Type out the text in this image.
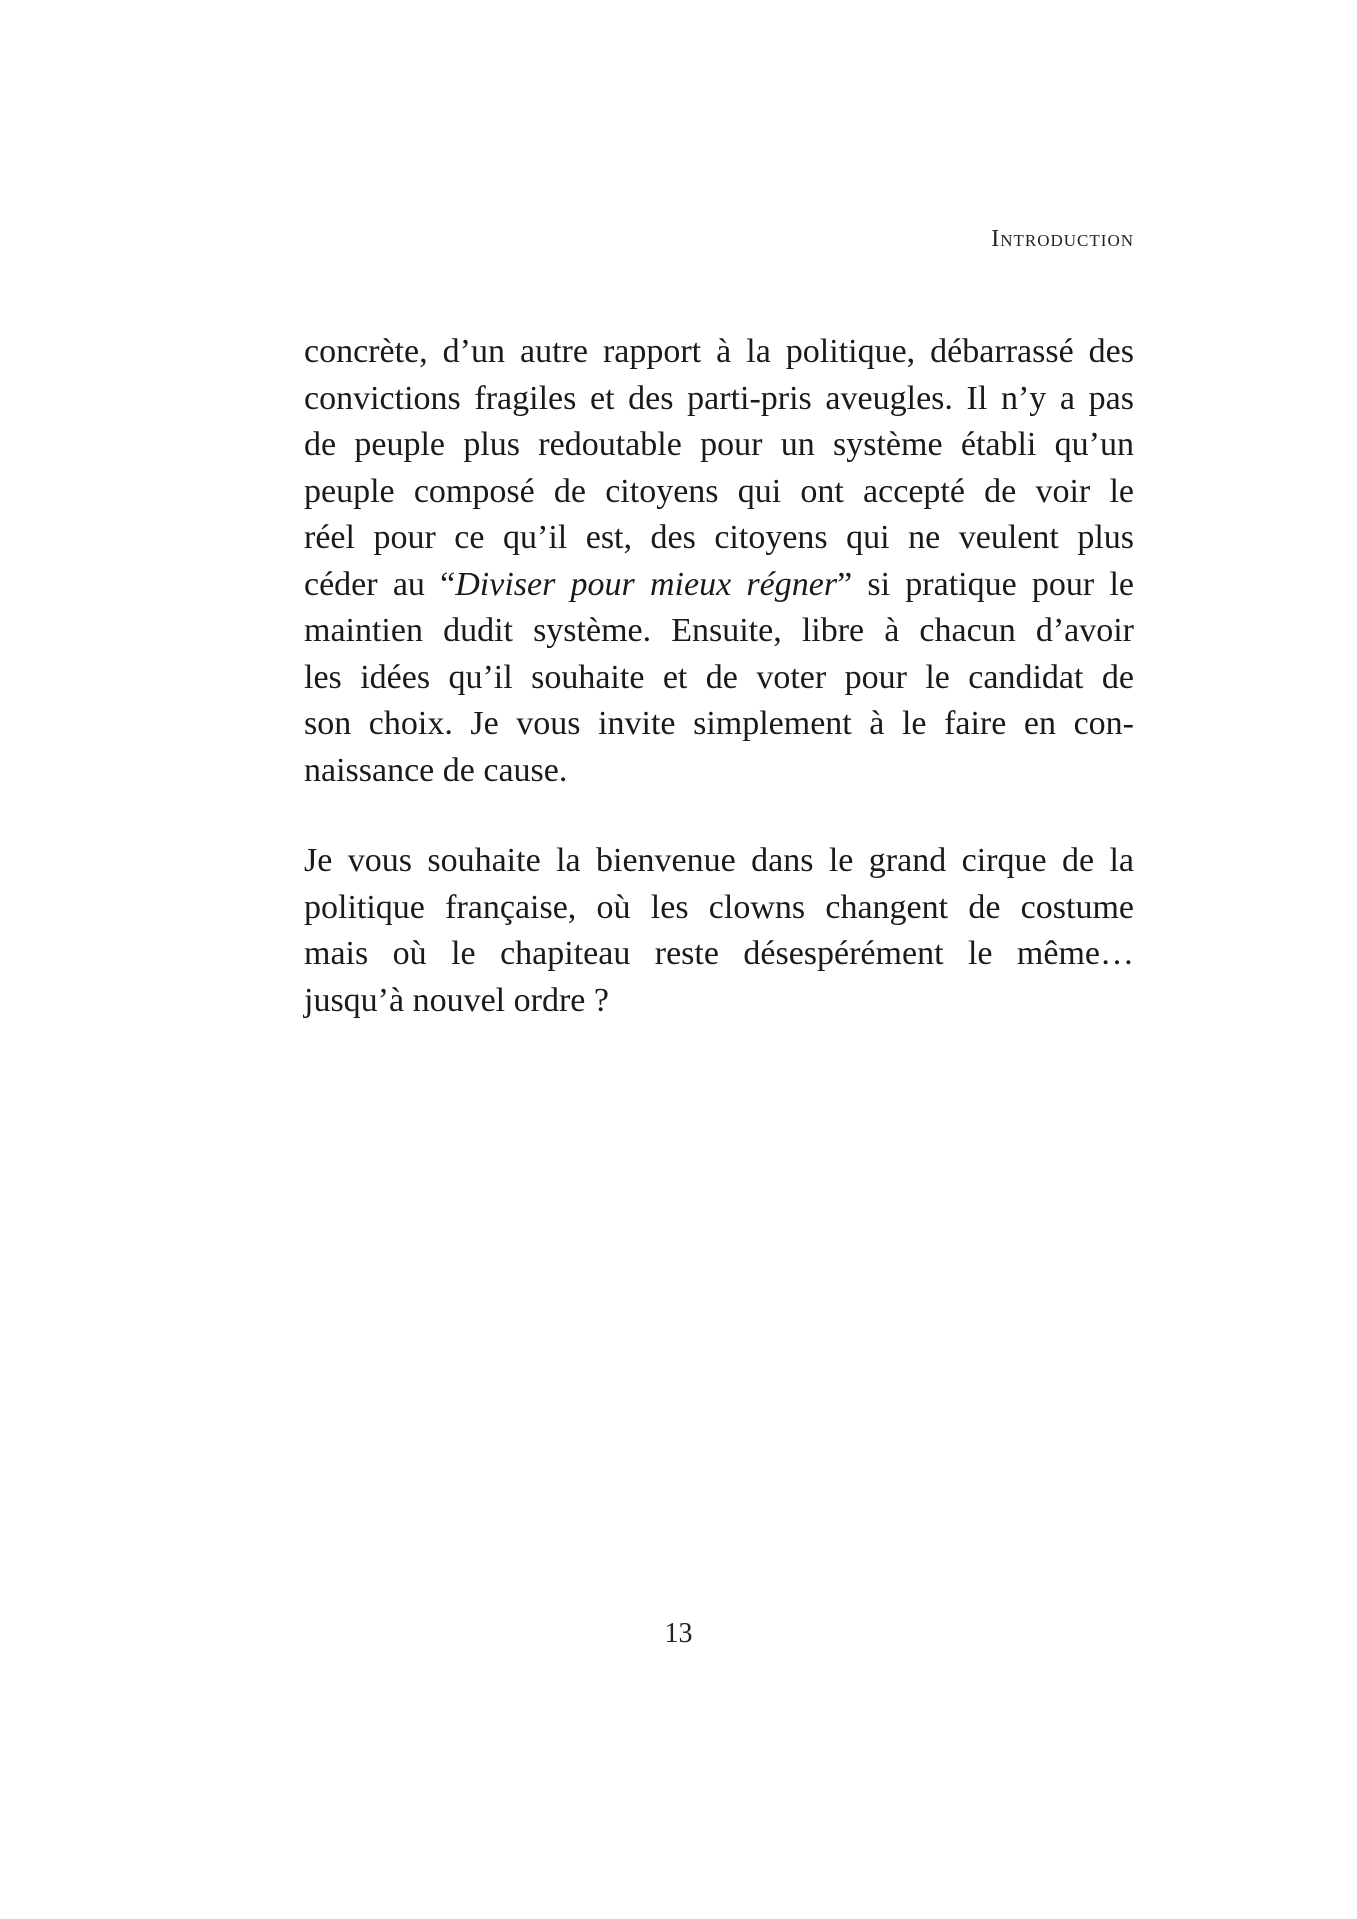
Introduction
concrète, d’un autre rapport à la politique, débarrassé des
convictions fragiles et des parti-pris aveugles. Il n’y a pas
de peuple plus redoutable pour un système établi qu’un
peuple composé de citoyens qui ont accepté de voir le
réel pour ce qu’il est, des citoyens qui ne veulent plus
céder au “Diviser pour mieux régner” si pratique pour le
maintien dudit système. Ensuite, libre à chacun d’avoir
les idées qu’il souhaite et de voter pour le candidat de
son choix. Je vous invite simplement à le faire en con-
naissance de cause.
Je vous souhaite la bienvenue dans le grand cirque de la
politique française, où les clowns changent de costume
mais où le chapiteau reste désespérément le même…
jusqu’à nouvel ordre ?
13
